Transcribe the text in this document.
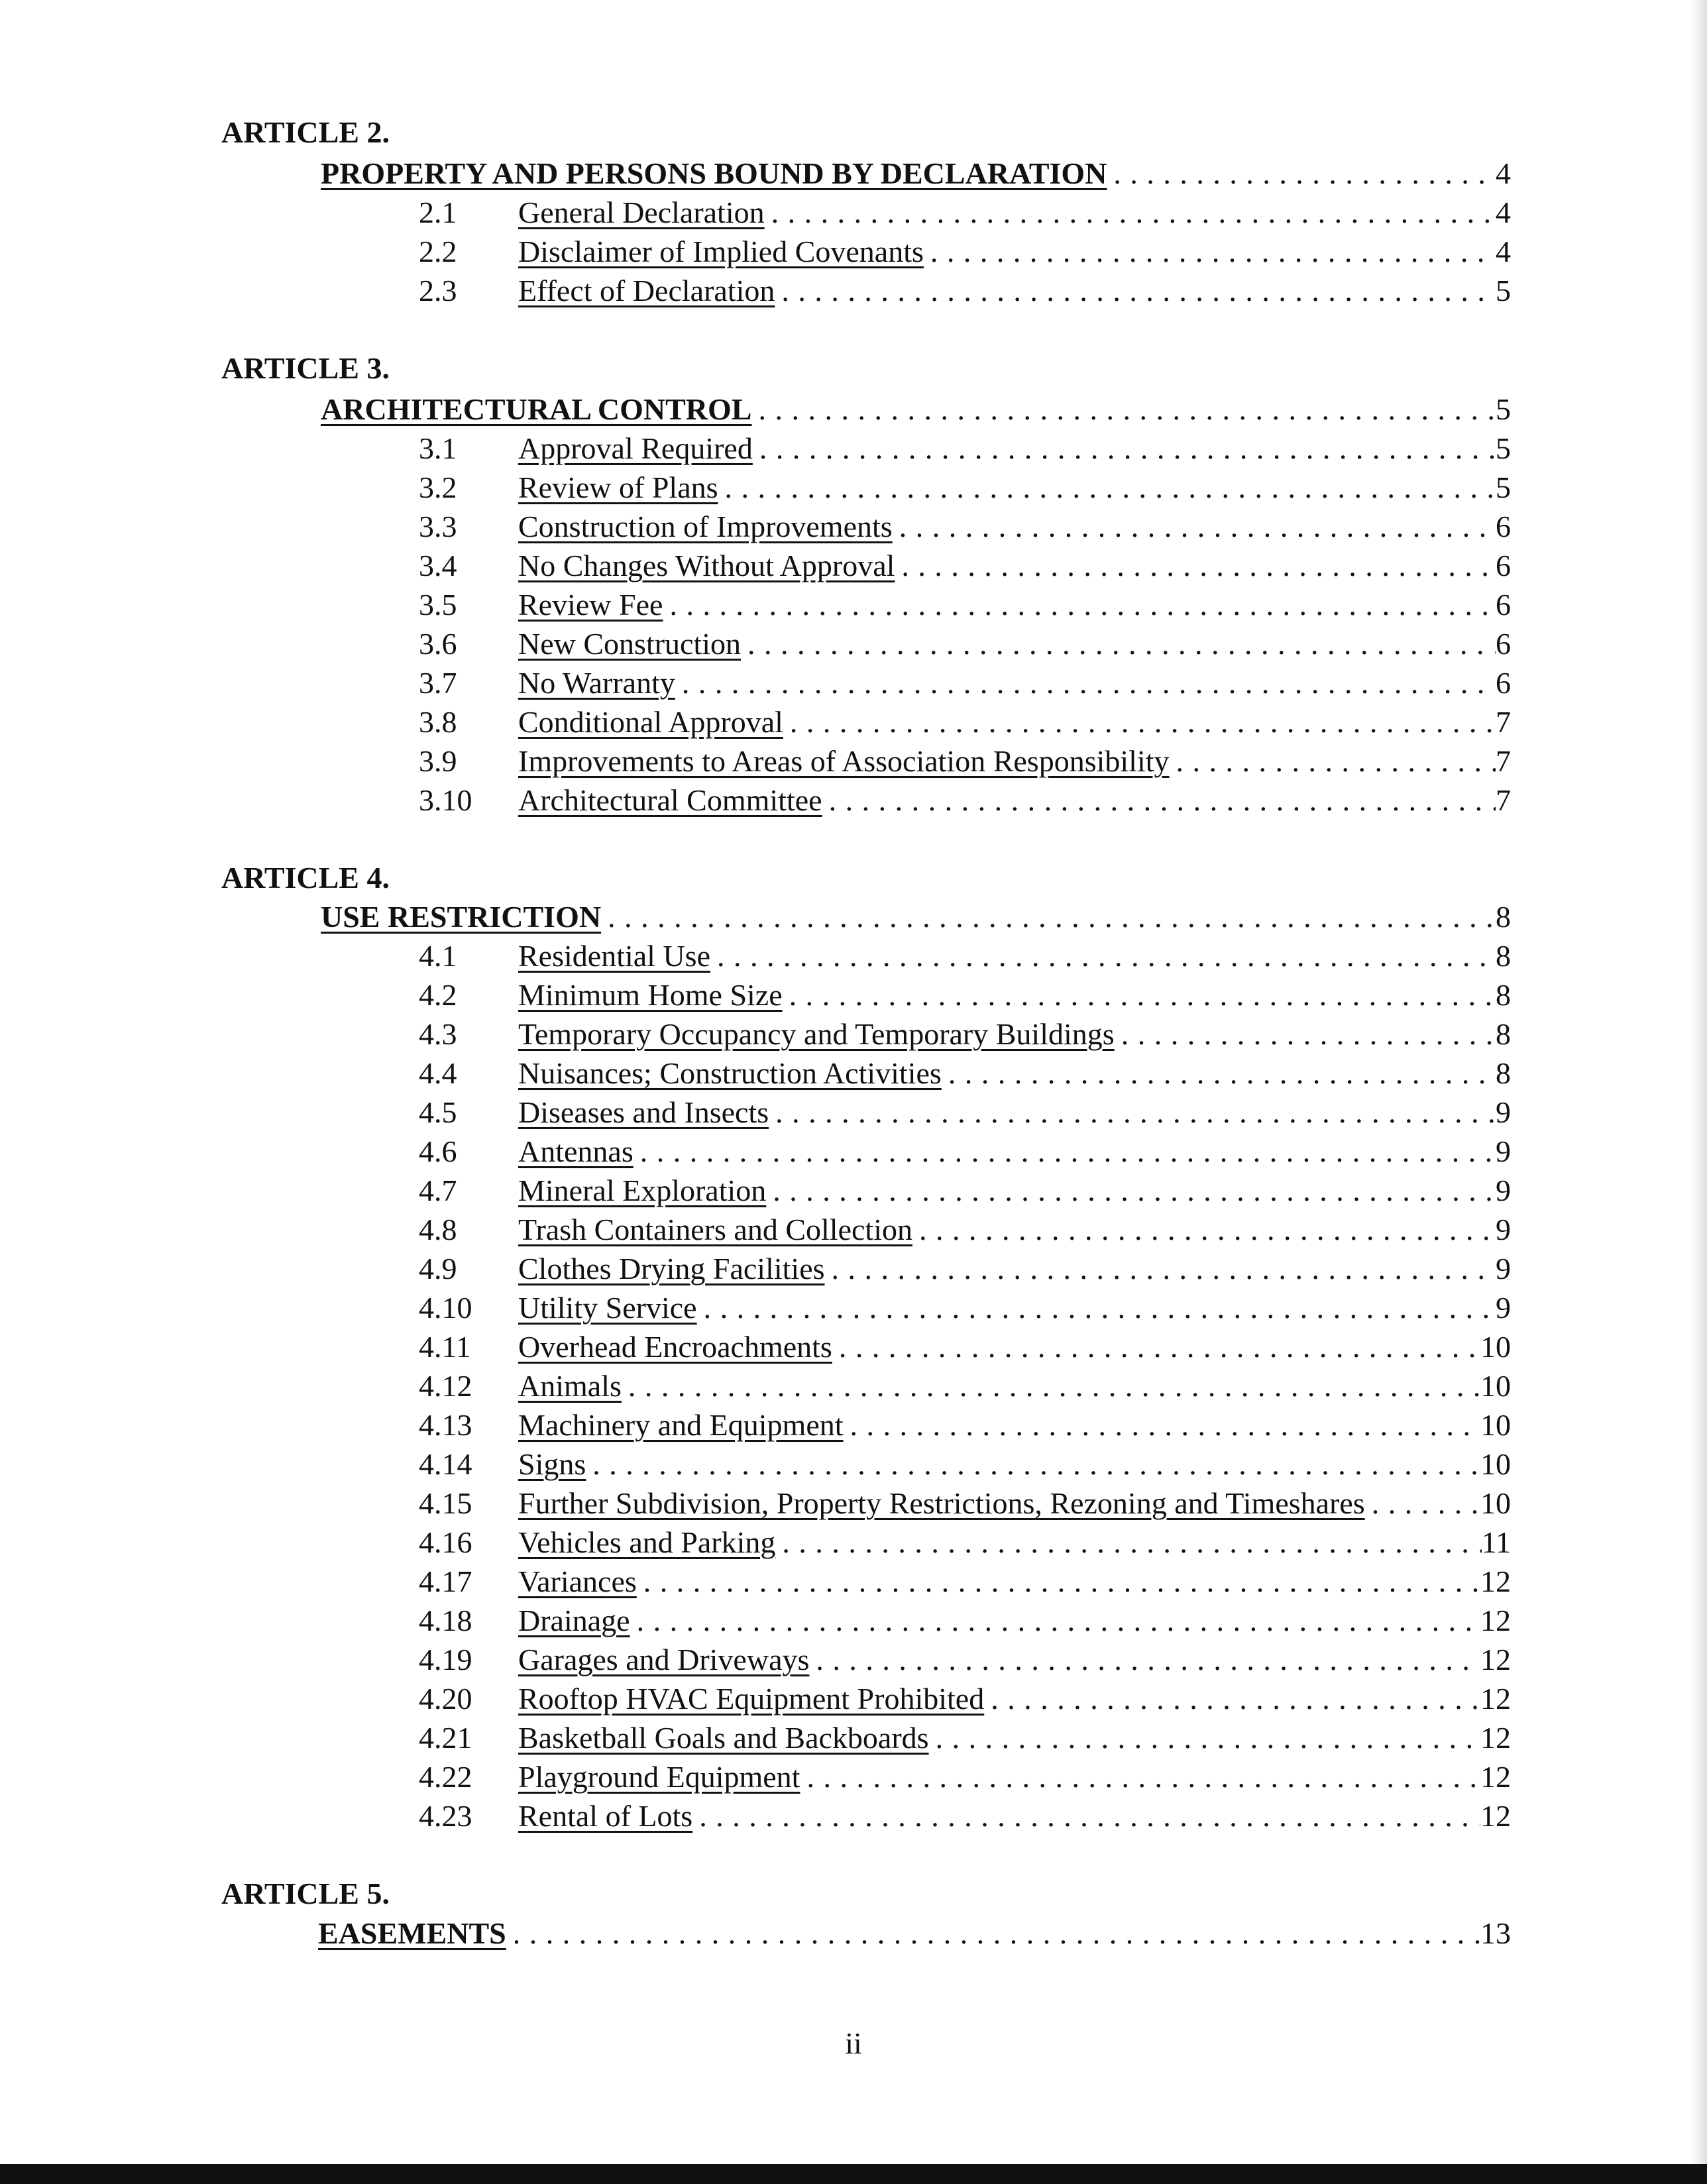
ARTICLE 2.
PROPERTY AND PERSONS BOUND BY DECLARATION . . .	4
2.1 General Declaration . . .	4
2.2 Disclaimer of Implied Covenants . . .	4
2.3 Effect of Declaration . . .	5
ARTICLE 3.
ARCHITECTURAL CONTROL . . .	5
3.1 Approval Required . . .	5
3.2 Review of Plans . . .	5
3.3 Construction of Improvements . . .	6
3.4 No Changes Without Approval . . .	6
3.5 Review Fee . . .	6
3.6 New Construction . . .	6
3.7 No Warranty . . .	6
3.8 Conditional Approval . . .	7
3.9 Improvements to Areas of Association Responsibility . . .	7
3.10 Architectural Committee . . .	7
ARTICLE 4.
USE RESTRICTION . . .	8
4.1 Residential Use . . .	8
4.2 Minimum Home Size . . .	8
4.3 Temporary Occupancy and Temporary Buildings . . .	8
4.4 Nuisances; Construction Activities . . .	8
4.5 Diseases and Insects . . .	9
4.6 Antennas . . .	9
4.7 Mineral Exploration . . .	9
4.8 Trash Containers and Collection . . .	9
4.9 Clothes Drying Facilities . . .	9
4.10 Utility Service . . .	9
4.11 Overhead Encroachments . . .	10
4.12 Animals . . .	10
4.13 Machinery and Equipment . . .	10
4.14 Signs . . .	10
4.15 Further Subdivision, Property Restrictions, Rezoning and Timeshares . . .	10
4.16 Vehicles and Parking . . .	11
4.17 Variances . . .	12
4.18 Drainage . . .	12
4.19 Garages and Driveways . . .	12
4.20 Rooftop HVAC Equipment Prohibited . . .	12
4.21 Basketball Goals and Backboards . . .	12
4.22 Playground Equipment . . .	12
4.23 Rental of Lots . . .	12
ARTICLE 5.
EASEMENTS . . .	13
ii
